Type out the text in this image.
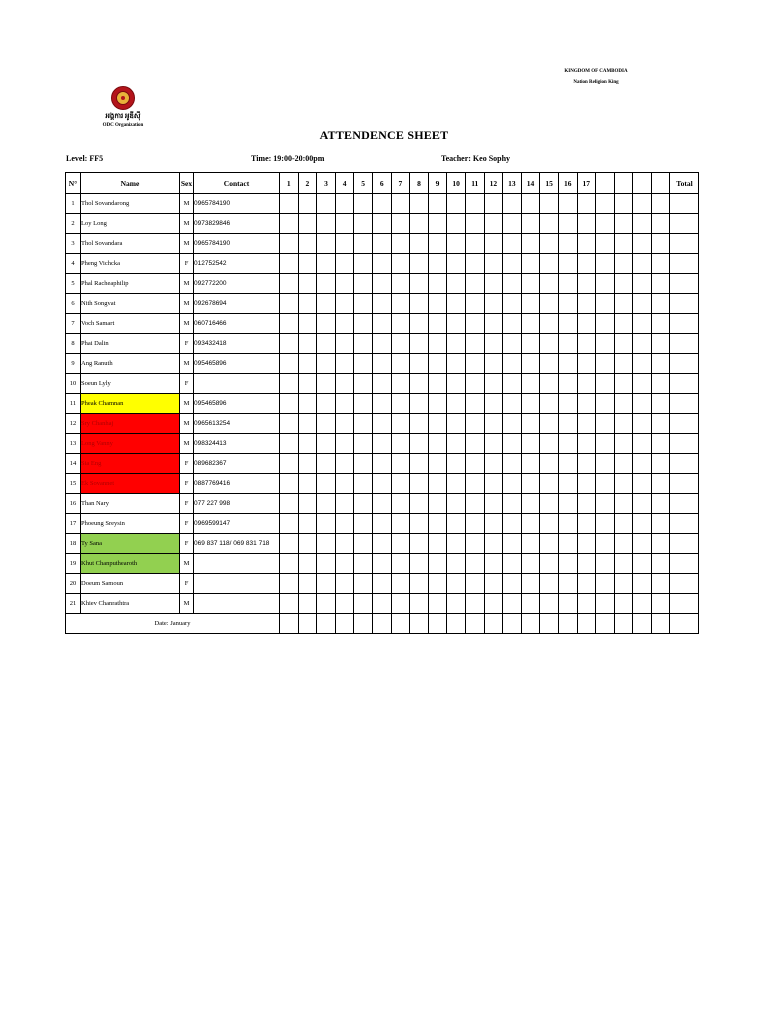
KINGDOM OF CAMBODIA
Nation Religion King
អង្គការ អូឌីស៊ី
ODC Organization
ATTENDENCE SHEET
Level: FF5	Time: 19:00-20:00pm	Teacher: Keo Sophy
N°	Name	Sex	Contact	1	2	3	4	5	6	7	8	9	10	11	12	13	14	15	16	17					Total
1	Thol Sovandarong	M	0965784190																						
2	Loy Long	M	0973829846																						
3	Thol Sovandara	M	0965784190																						
4	Pheng Vichcka	F	012752542																						
5	Phal Racheaphilip	M	092772200																						
6	Nith Songvat	M	092678694																						
7	Voch Samart	M	060716466																						
8	Phai Dalin	F	093432418																						
9	Ang Ranuth	M	095465896																						
10	Soeun Lyly	F																							
11	Pheak Chamnan	M	095465896																						
12	Sry Chanhaj	M	0965613254																						
13	Long Vanny	M	098324413																						
14	Sia Eng	F	089682367																						
15	Ek Sovannet	F	0887769416																						
16	Than Nary	F	077 227 998																						
17	Phoeung Sreysin	F	0969599147																						
18	Ty Sana	F	069 837 118/ 069 831 718																						
19	Khut Chanputhearoth	M																							
20	Doeum Samoun	F																							
21	Khiev Chanrathtra	M																							
Date: January																									
